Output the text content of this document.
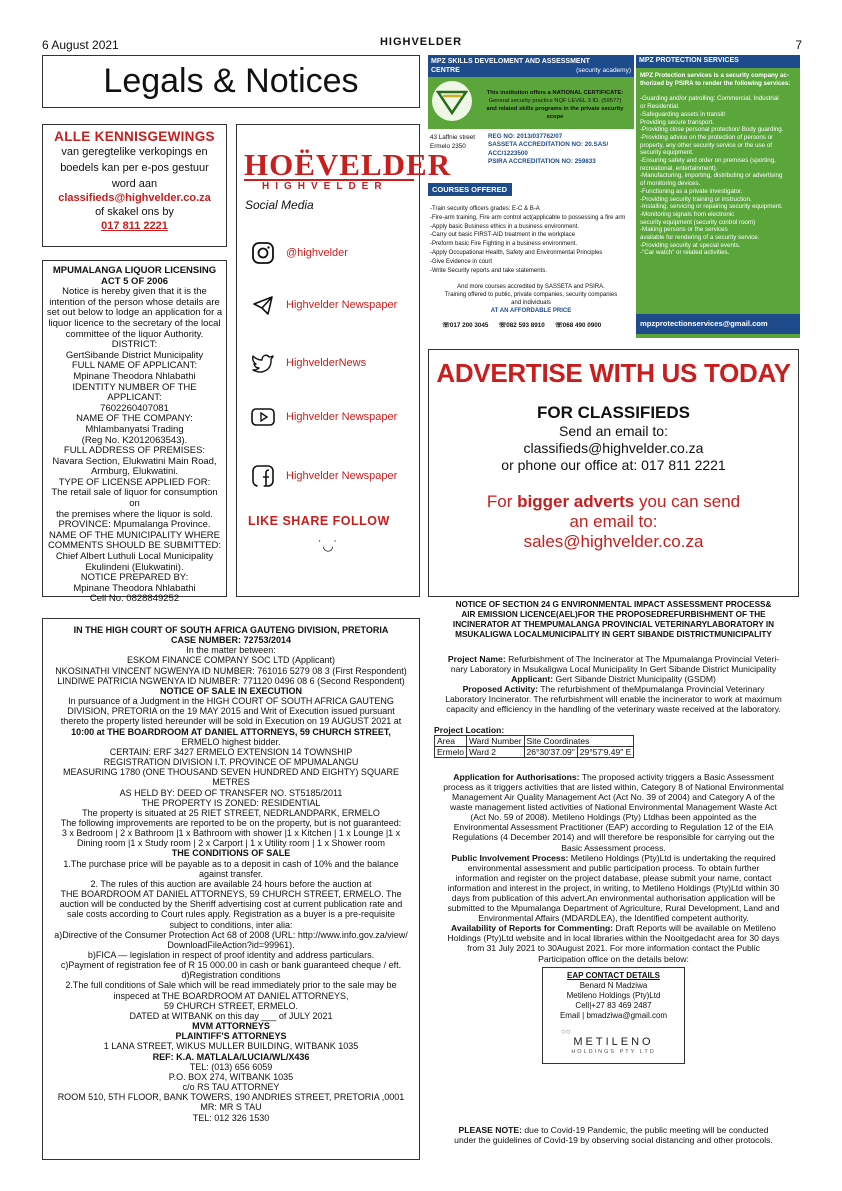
6 August 2021	HIGHVELDER	7
Legals & Notices
ALLE KENNISGEWINGS
van geregtelike verkopings en
boedels kan per e-pos gestuur
word aan
classifieds@highvelder.co.za
of skakel ons by
017 811 2221
HOËVELDER
HIGHVELDER
Social Media
@highvelder
Highvelder Newspaper
HighvelderNews
Highvelder Newspaper
Highvelder Newspaper
LIKE SHARE FOLLOW
˙◡˙
MPUMALANGA LIQUOR LICENSING
ACT 5 OF 2006
Notice is hereby given that it is the
intention of the person whose details are
set out below to lodge an application for a
liquor licence to the secretary of the local
committee of the liquor Authority.
DISTRICT:
GertSibande District Municipality
FULL NAME OF APPLICANT:
Mpinane Theodora Nhlabathi
IDENTITY NUMBER OF THE APPLICANT:
7602260407081
NAME OF THE COMPANY:
Mhlambanyatsi Trading
(Reg No. K2012063543).
FULL ADDRESS OF PREMISES:
Navara Section, Elukwatini Main Road,
Armburg, Elukwatini.
TYPE OF LICENSE APPLIED FOR:
The retail sale of liquor for consumption on
the premises where the liquor is sold.
PROVINCE: Mpumalanga Province.
NAME OF THE MUNICIPALITY WHERE
COMMENTS SHOULD BE SUBMITTED:
Chief Albert Luthuli Local Municipality
Ekulindeni (Elukwatini).
NOTICE PREPARED BY:
Mpinane Theodora Nhlabathi
Cell No. 0828849252
MPZ SKILLS DEVELOMENT AND ASSESSMENT
CENTRE	(security academy)
This institution offers a NATIONAL CERTIFICATE:
General security practice NQF LEVEL 3 ID. (59577)
and related skills programs in the private security scope
43 Laffnie street
Ermelo 2350
REG NO: 2013/037762/07
SASSETA ACCREDITATION NO: 20.SAS/
ACC/1223500
PSIRA ACCREDITATION NO: 259833
COURSES OFFERED
-Train security officers grades: E-C & B-A
-Fire-arm training, Fire arm control act(applicable to possessing a fire arm
-Apply basic Business ethics in a business environment.
-Carry out basic FIRST-AID treatment in the workplace
-Preform basic Fire Fighting in a business environment.
-Apply Occupational Health, Safety and Environmental Principles
-Give Evidence in court
-Write Security reports and take statements.
And more courses accredited by SASSETA and PSIRA.
Training offered to public, private companies, security companies
and individuals
AT AN AFFORDABLE PRICE
☏017 200 3045 ☏082 593 8910 ☏068 490 0900
MPZ PROTECTION SERVICES
MPZ Protection services is a security company ac-
thorized by PSIRA to render the following services:
-Guarding and/or patrolling: Commercial, Industrial
or Residential.
-Safeguarding assets in transit/
Providing secure transport.
-Providing close personal protection/ Body guarding.
-Providing advice on the protection of persons or
property, any other security service or the use of
security equipment.
-Ensuring safety and order on premises (sporting,
recreational, entertainment).
-Manufacturing, importing, distributing or advertising
of monitoring devices.
-Functioning as a private investigator.
-Providing security training or instruction.
-Installing, servicing or repairing security equipment.
-Monitoring signals from electronic
security equipment (security control room)
-Making persons or the services
available for rendering of a security service.
-Providing security at special events.
-"Car watch" or related activities.
mpzprotectionservices@gmail.com
ADVERTISE WITH US TODAY
FOR CLASSIFIEDS
Send an email to:
classifieds@highvelder.co.za
or phone our office at: 017 811 2221
For bigger adverts you can send
an email to:
sales@highvelder.co.za
IN THE HIGH COURT OF SOUTH AFRICA GAUTENG DIVISION, PRETORIA
CASE NUMBER: 72753/2014
In the matter between:
ESKOM FINANCE COMPANY SOC LTD (Applicant)
NKOSINATHI VINCENT NGWENYA ID NUMBER: 761016 5279 08 3 (First Respondent)
LINDIWE PATRICIA NGWENYA ID NUMBER: 771120 0496 08 6 (Second Respondent)
NOTICE OF SALE IN EXECUTION
In pursuance of a Judgment in the HIGH COURT OF SOUTH AFRICA GAUTENG
DIVISION, PRETORIA on the 19 MAY 2015 and Writ of Execution issued pursuant
thereto the property listed hereunder will be sold in Execution on 19 AUGUST 2021 at
10:00 at THE BOARDROOM AT DANIEL ATTORNEYS, 59 CHURCH STREET,
ERMELO highest bidder.
CERTAIN: ERF 3427 ERMELO EXTENSION 14 TOWNSHIP
REGISTRATION DIVISION I.T. PROVINCE OF MPUMALANGU
MEASURING 1780 (ONE THOUSAND SEVEN HUNDRED AND EIGHTY) SQUARE
METRES
AS HELD BY: DEED OF TRANSFER NO. ST5185/2011
THE PROPERTY IS ZONED: RESIDENTIAL
The property is situated at 25 RIET STREET, NEDRLANDPARK, ERMELO
The following improvements are reported to be on the property, but is not guaranteed:
3 x Bedroom | 2 x Bathroom |1 x Bathroom with shower |1 x Kitchen | 1 x Lounge |1 x
Dining room |1 x Study room | 2 x Carport | 1 x Utility room | 1 x Shower room
THE CONDITIONS OF SALE
1.The purchase price will be payable as to a deposit in cash of 10% and the balance
against transfer.
2. The rules of this auction are available 24 hours before the auction at
THE BOARDROOM AT DANIEL ATTORNEYS, 59 CHURCH STREET, ERMELO. The
auction will be conducted by the Sheriff advertising cost at current publication rate and
sale costs according to Court rules apply. Registration as a buyer is a pre-requisite
subject to conditions, inter alia:
a)Directive of the Consumer Protection Act 68 of 2008 (URL: http://www.info.gov.za/view/
DownloadFileAction?id=99961).
b)FICA — legislation in respect of proof identity and address particulars.
c)Payment of registration fee of R 15 000.00 in cash or bank guaranteed cheque / eft.
d)Registration conditions
2.The full conditions of Sale which will be read immediately prior to the sale may be
inspeced at THE BOARDROOM AT DANIEL ATTORNEYS,
59 CHURCH STREET, ERMELO.
DATED at WITBANK on this day ___ of JULY 2021
MVM ATTORNEYS
PLAINTIFF'S ATTORNEYS
1 LANA STREET, WIKUS MULLER BUILDING, WITBANK 1035
REF: K.A. MATLALA/LUCIA/WL/X436
TEL: (013) 656 6059
P.O. BOX 274, WITBANK 1035
c/o RS TAU ATTORNEY
ROOM 510, 5TH FLOOR, BANK TOWERS, 190 ANDRIES STREET, PRETORIA ,0001
MR: MR S TAU
TEL: 012 326 1530
NOTICE OF SECTION 24 G ENVIRONMENTAL IMPACT ASSESSMENT PROCESS&
AIR EMISSION LICENCE(AEL)FOR THE PROPOSEDREFURBISHMENT OF THE
INCINERATOR AT THEMPUMALANGA PROVINCIAL VETERINARYLABORATORY IN
MSUKALIGWA LOCALMUNICIPALITY IN GERT SIBANDE DISTRICTMUNICIPALITY
Project Name: Refurbishment of The Incinerator at The Mpumalanga Provincial Veteri-
nary Laboratory in Msukaligwa Local Municipality In Gert Sibande District Municipality
Applicant: Gert Sibande District Municipality (GSDM)
Proposed Activity: The refurbishment of theMpumalanga Provincial Veterinary
Laboratory Incinerator. The refurbishment will enable the incinerator to work at maximum
capacity and efficiency in the handling of the veterinary waste received at the laboratory.
Project Location:
Area	Ward Number	Site Coordinates	
Ermelo	Ward 2	26°30'37.09"	29°57'9.49" E
Application for Authorisations: The proposed activity triggers a Basic Assessment
process as it triggers activities that are listed within, Category 8 of National Environmental
Management Air Quality Management Act (Act No. 39 of 2004) and Category A of the
waste management listed activities of National Environmental Management Waste Act
(Act No. 59 of 2008). Metileno Holdings (Pty) Ltdhas been appointed as the
Environmental Assessment Practitioner (EAP) according to Regulation 12 of the EIA
Regulations (4 December 2014) and will therefore be responsible for carrying out the
Basic Assessment process.
Public Involvement Process: Metileno Holdings (Pty)Ltd is undertaking the required
environmental assessment and public participation process. To obtain further
information and register on the project database, please submit your name, contact
information and interest in the project, in writing, to Metileno Holdings (Pty)Ltd within 30
days from publication of this advert.An environmental authorisation application will be
submitted to the Mpumalanga Department of Agriculture, Rural Development, Land and
Environmental Affairs (MDARDLEA), the Identified competent authority.
Availability of Reports for Commenting: Draft Reports will be available on Metileno
Holdings (Pty)Ltd website and in local libraries within the Nooitgedacht area for 30 days
from 31 July 2021 to 30August 2021. For more information contact the Public
Participation office on the details below:
PLEASE NOTE: due to Covid-19 Pandemic, the public meeting will be conducted
under the guidelines of Covid-19 by observing social distancing and other protocols.
EAP CONTACT DETAILS
Benard N Madziwa
Metileno Holdings (Pty)Ltd
Cell|+27 83 469 2487
Email | bmadziwa@gmail.com
○○
METILENO
HOLDINGS PTY LTD
